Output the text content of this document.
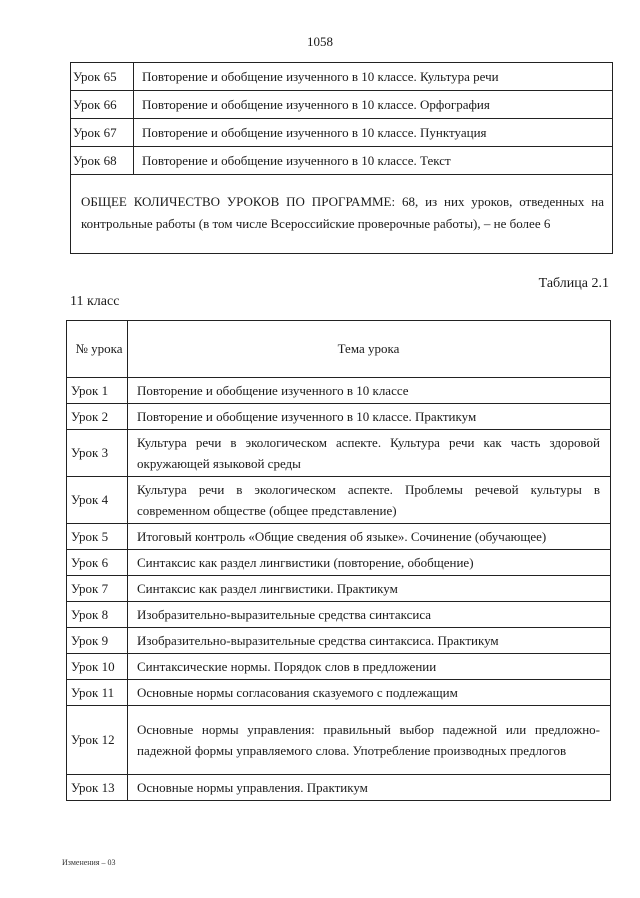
1058
Урок 65	Повторение и обобщение изученного в 10 классе. Культура речи
Урок 66	Повторение и обобщение изученного в 10 классе. Орфография
Урок 67	Повторение и обобщение изученного в 10 классе. Пунктуация
Урок 68	Повторение и обобщение изученного в 10 классе. Текст
ОБЩЕЕ КОЛИЧЕСТВО УРОКОВ ПО ПРОГРАММЕ: 68, из них уроков, отведенных на контрольные работы (в том числе Всероссийские проверочные работы), – не более 6	
Таблица 2.1
11 класс
№ урока	Тема урока
Урок 1	Повторение и обобщение изученного в 10 классе
Урок 2	Повторение и обобщение изученного в 10 классе. Практикум
Урок 3	Культура речи в экологическом аспекте. Культура речи как часть здоровой окружающей языковой среды
Урок 4	Культура речи в экологическом аспекте. Проблемы речевой культуры в современном обществе (общее представление)
Урок 5	Итоговый контроль «Общие сведения об языке». Сочинение (обучающее)
Урок 6	Синтаксис как раздел лингвистики (повторение, обобщение)
Урок 7	Синтаксис как раздел лингвистики. Практикум
Урок 8	Изобразительно-выразительные средства синтаксиса
Урок 9	Изобразительно-выразительные средства синтаксиса. Практикум
Урок 10	Синтаксические нормы. Порядок слов в предложении
Урок 11	Основные нормы согласования сказуемого с подлежащим
Урок 12	Основные нормы управления: правильный выбор падежной или предложно-падежной формы управляемого слова. Употребление производных предлогов
Урок 13	Основные нормы управления. Практикум
Изменения – 03
